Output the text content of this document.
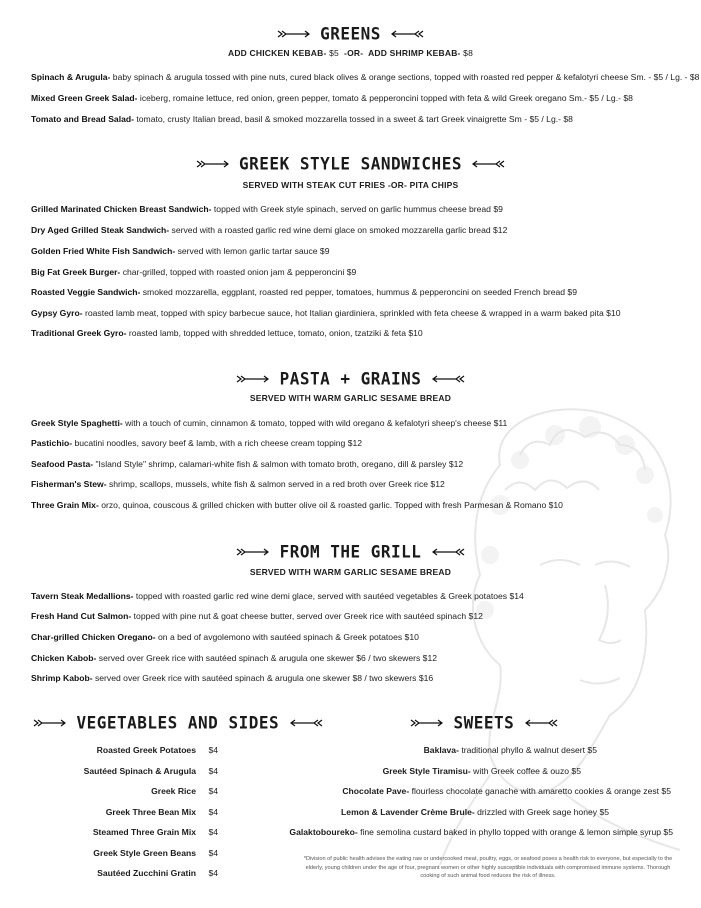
GREENS
ADD CHICKEN KEBAB- $5 -OR- ADD SHRIMP KEBAB- $8
Spinach & Arugula- baby spinach & arugula tossed with pine nuts, cured black olives & orange sections, topped with roasted red pepper & kefalotyri cheese Sm. - $5 / Lg. - $8
Mixed Green Greek Salad- iceberg, romaine lettuce, red onion, green pepper, tomato & pepperoncini topped with feta & wild Greek oregano Sm.- $5 / Lg.- $8
Tomato and Bread Salad- tomato, crusty Italian bread, basil & smoked mozzarella tossed in a sweet & tart Greek vinaigrette Sm - $5 / Lg.- $8
GREEK STYLE SANDWICHES
SERVED WITH STEAK CUT FRIES -OR- PITA CHIPS
Grilled Marinated Chicken Breast Sandwich- topped with Greek style spinach, served on garlic hummus cheese bread $9
Dry Aged Grilled Steak Sandwich- served with a roasted garlic red wine demi glace on smoked mozzarella garlic bread $12
Golden Fried White Fish Sandwich- served with lemon garlic tartar sauce $9
Big Fat Greek Burger- char-grilled, topped with roasted onion jam & pepperoncini $9
Roasted Veggie Sandwich- smoked mozzarella, eggplant, roasted red pepper, tomatoes, hummus & pepperoncini on seeded French bread $9
Gypsy Gyro- roasted lamb meat, topped with spicy barbecue sauce, hot Italian giardiniera, sprinkled with feta cheese & wrapped in a warm baked pita $10
Traditional Greek Gyro- roasted lamb, topped with shredded lettuce, tomato, onion, tzatziki & feta $10
PASTA + GRAINS
SERVED WITH WARM GARLIC SESAME BREAD
Greek Style Spaghetti- with a touch of cumin, cinnamon & tomato, topped with wild oregano & kefalotyri sheep's cheese $11
Pastichio- bucatini noodles, savory beef & lamb, with a rich cheese cream topping $12
Seafood Pasta- "Island Style" shrimp, calamari-white fish & salmon with tomato broth, oregano, dill & parsley $12
Fisherman's Stew- shrimp, scallops, mussels, white fish & salmon served in a red broth over Greek rice $12
Three Grain Mix- orzo, quinoa, couscous & grilled chicken with butter olive oil & roasted garlic. Topped with fresh Parmesan & Romano $10
FROM THE GRILL
SERVED WITH WARM GARLIC SESAME BREAD
Tavern Steak Medallions- topped with roasted garlic red wine demi glace, served with sautéed vegetables & Greek potatoes $14
Fresh Hand Cut Salmon- topped with pine nut & goat cheese butter, served over Greek rice with sautéed spinach $12
Char-grilled Chicken Oregano- on a bed of avgolemono with sautéed spinach & Greek potatoes $10
Chicken Kabob- served over Greek rice with sautéed spinach & arugula one skewer $6 / two skewers $12
Shrimp Kabob- served over Greek rice with sautéed spinach & arugula one skewer $8 / two skewers $16
VEGETABLES AND SIDES
Roasted Greek Potatoes $4
Sautéed Spinach & Arugula $4
Greek Rice $4
Greek Three Bean Mix $4
Steamed Three Grain Mix $4
Greek Style Green Beans $4
Sautéed Zucchini Gratin $4
SWEETS
Baklava- traditional phyllo & walnut desert $5
Greek Style Tiramisu- with Greek coffee & ouzo $5
Chocolate Pave- flourless chocolate ganache with amaretto cookies & orange zest $5
Lemon & Lavender Crème Brule- drizzled with Greek sage honey $5
Galaktoboureko- fine semolina custard baked in phyllo topped with orange & lemon simple syrup $5
*Division of public health advises the eating raw or undercooked meat, poultry, eggs, or seafood poses a health risk to everyone, but especially to the elderly, young children under the age of four, pregnant women or other highly susceptible individuals with compromised immune systems. Thorough cooking of such animal food reduces the risk of illness.
